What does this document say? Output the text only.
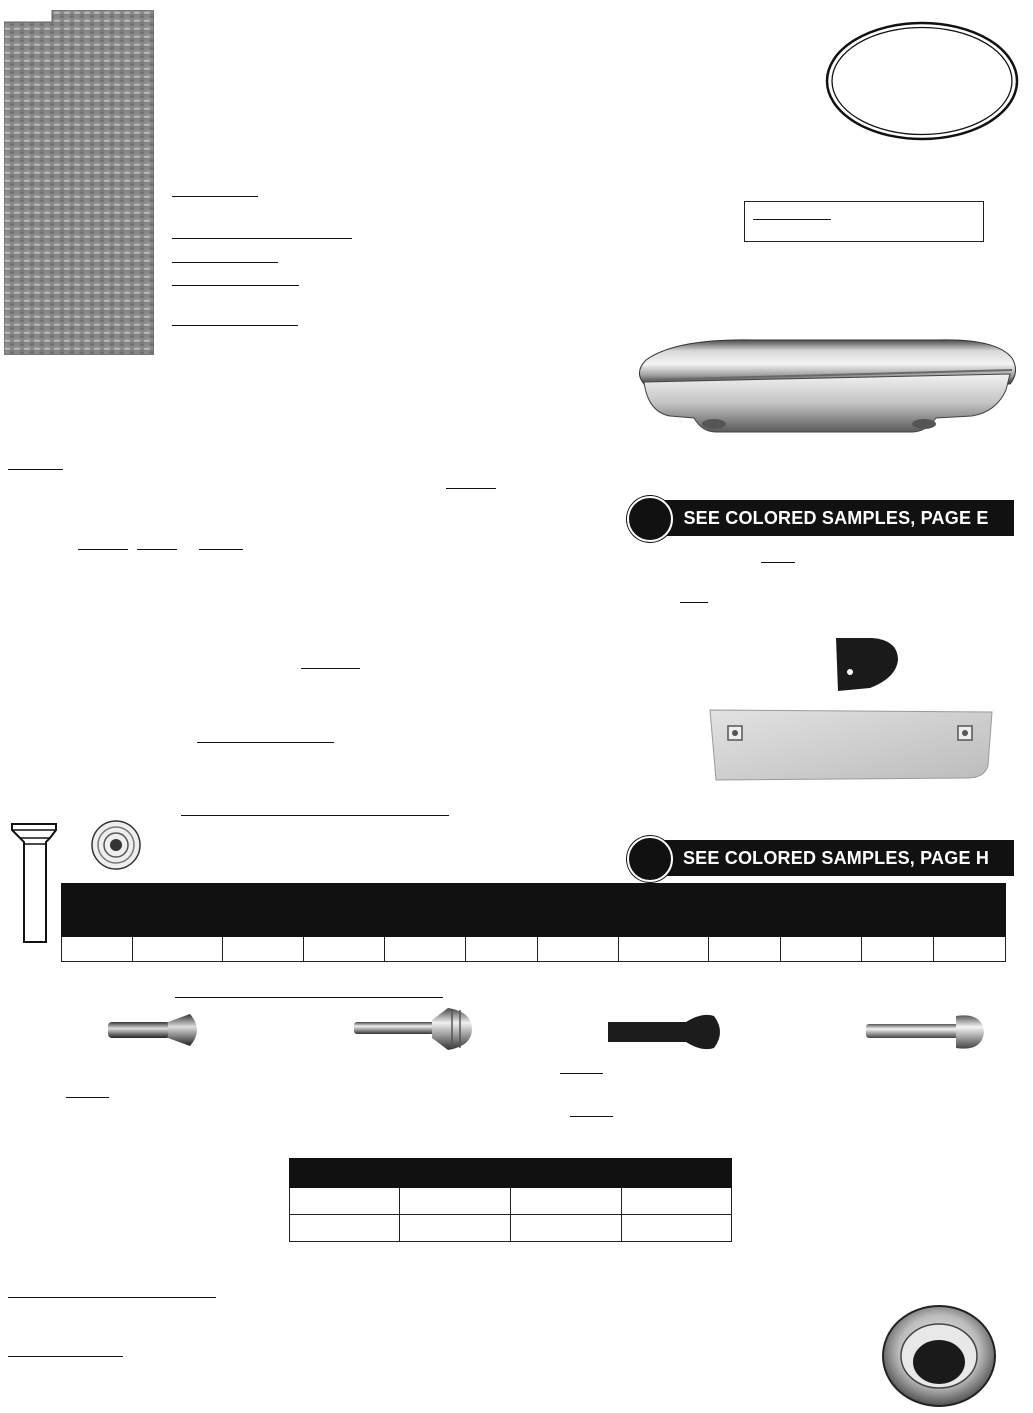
SEE COLORED SAMPLES, PAGE E
SEE COLORED SAMPLES, PAGE H
